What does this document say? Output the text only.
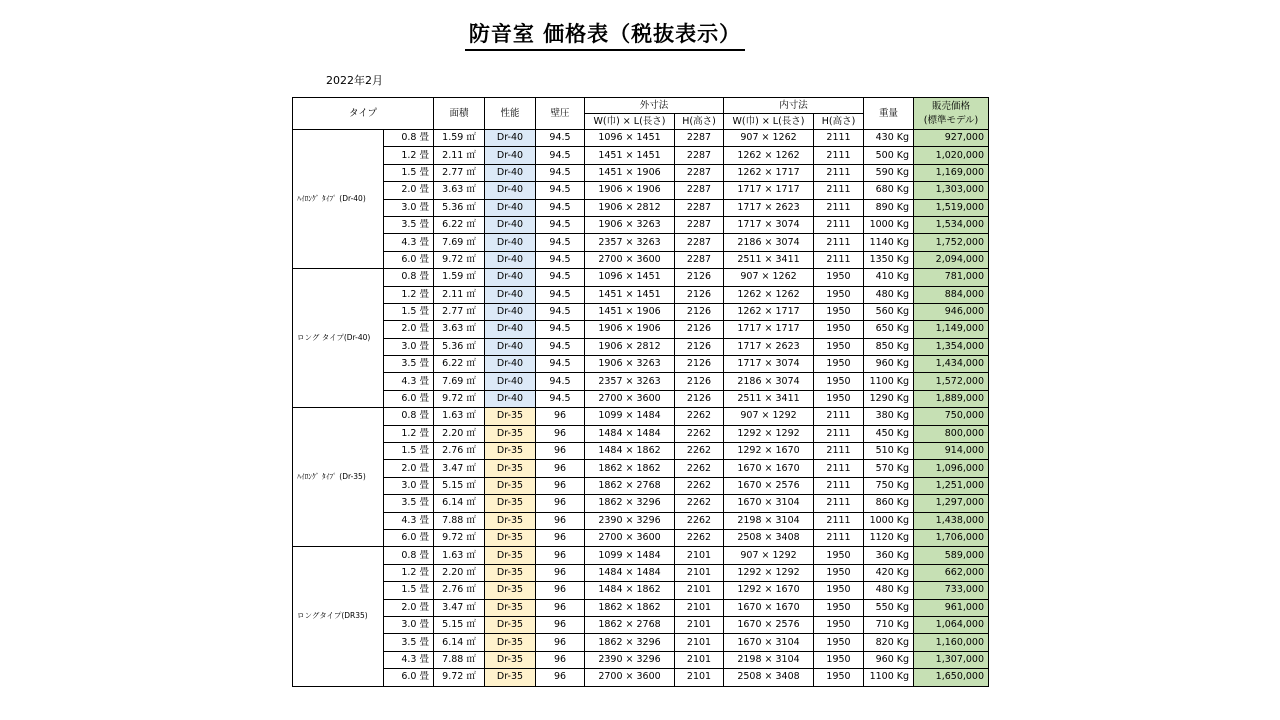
防音室 価格表（税抜表示）
2022年2月
タイプ		面積	性能	壁圧	外寸法		内寸法		重量	販売価格
(標準モデル)

					W(巾) × L(長さ)	H(高さ)	W(巾) × L(長さ)	H(高さ)		
ﾊｲﾛﾝｸﾞ ﾀｲﾌﾟ (Dr-40)	0.8 畳	1.59 ㎡	Dr-40	94.5	1096 × 1451	2287	907 × 1262	2111	430 Kg	927,000
	1.2 畳	2.11 ㎡	Dr-40	94.5	1451 × 1451	2287	1262 × 1262	2111	500 Kg	1,020,000
	1.5 畳	2.77 ㎡	Dr-40	94.5	1451 × 1906	2287	1262 × 1717	2111	590 Kg	1,169,000
	2.0 畳	3.63 ㎡	Dr-40	94.5	1906 × 1906	2287	1717 × 1717	2111	680 Kg	1,303,000
	3.0 畳	5.36 ㎡	Dr-40	94.5	1906 × 2812	2287	1717 × 2623	2111	890 Kg	1,519,000
	3.5 畳	6.22 ㎡	Dr-40	94.5	1906 × 3263	2287	1717 × 3074	2111	1000 Kg	1,534,000
	4.3 畳	7.69 ㎡	Dr-40	94.5	2357 × 3263	2287	2186 × 3074	2111	1140 Kg	1,752,000
	6.0 畳	9.72 ㎡	Dr-40	94.5	2700 × 3600	2287	2511 × 3411	2111	1350 Kg	2,094,000
ロング タイプ(Dr-40)	0.8 畳	1.59 ㎡	Dr-40	94.5	1096 × 1451	2126	907 × 1262	1950	410 Kg	781,000
	1.2 畳	2.11 ㎡	Dr-40	94.5	1451 × 1451	2126	1262 × 1262	1950	480 Kg	884,000
	1.5 畳	2.77 ㎡	Dr-40	94.5	1451 × 1906	2126	1262 × 1717	1950	560 Kg	946,000
	2.0 畳	3.63 ㎡	Dr-40	94.5	1906 × 1906	2126	1717 × 1717	1950	650 Kg	1,149,000
	3.0 畳	5.36 ㎡	Dr-40	94.5	1906 × 2812	2126	1717 × 2623	1950	850 Kg	1,354,000
	3.5 畳	6.22 ㎡	Dr-40	94.5	1906 × 3263	2126	1717 × 3074	1950	960 Kg	1,434,000
	4.3 畳	7.69 ㎡	Dr-40	94.5	2357 × 3263	2126	2186 × 3074	1950	1100 Kg	1,572,000
	6.0 畳	9.72 ㎡	Dr-40	94.5	2700 × 3600	2126	2511 × 3411	1950	1290 Kg	1,889,000
ﾊｲﾛﾝｸﾞ ﾀｲﾌﾟ (Dr-35)	0.8 畳	1.63 ㎡	Dr-35	96	1099 × 1484	2262	907 × 1292	2111	380 Kg	750,000
	1.2 畳	2.20 ㎡	Dr-35	96	1484 × 1484	2262	1292 × 1292	2111	450 Kg	800,000
	1.5 畳	2.76 ㎡	Dr-35	96	1484 × 1862	2262	1292 × 1670	2111	510 Kg	914,000
	2.0 畳	3.47 ㎡	Dr-35	96	1862 × 1862	2262	1670 × 1670	2111	570 Kg	1,096,000
	3.0 畳	5.15 ㎡	Dr-35	96	1862 × 2768	2262	1670 × 2576	2111	750 Kg	1,251,000
	3.5 畳	6.14 ㎡	Dr-35	96	1862 × 3296	2262	1670 × 3104	2111	860 Kg	1,297,000
	4.3 畳	7.88 ㎡	Dr-35	96	2390 × 3296	2262	2198 × 3104	2111	1000 Kg	1,438,000
	6.0 畳	9.72 ㎡	Dr-35	96	2700 × 3600	2262	2508 × 3408	2111	1120 Kg	1,706,000
ロングタイプ(DR35)	0.8 畳	1.63 ㎡	Dr-35	96	1099 × 1484	2101	907 × 1292	1950	360 Kg	589,000
	1.2 畳	2.20 ㎡	Dr-35	96	1484 × 1484	2101	1292 × 1292	1950	420 Kg	662,000
	1.5 畳	2.76 ㎡	Dr-35	96	1484 × 1862	2101	1292 × 1670	1950	480 Kg	733,000
	2.0 畳	3.47 ㎡	Dr-35	96	1862 × 1862	2101	1670 × 1670	1950	550 Kg	961,000
	3.0 畳	5.15 ㎡	Dr-35	96	1862 × 2768	2101	1670 × 2576	1950	710 Kg	1,064,000
	3.5 畳	6.14 ㎡	Dr-35	96	1862 × 3296	2101	1670 × 3104	1950	820 Kg	1,160,000
	4.3 畳	7.88 ㎡	Dr-35	96	2390 × 3296	2101	2198 × 3104	1950	960 Kg	1,307,000
	6.0 畳	9.72 ㎡	Dr-35	96	2700 × 3600	2101	2508 × 3408	1950	1100 Kg	1,650,000
